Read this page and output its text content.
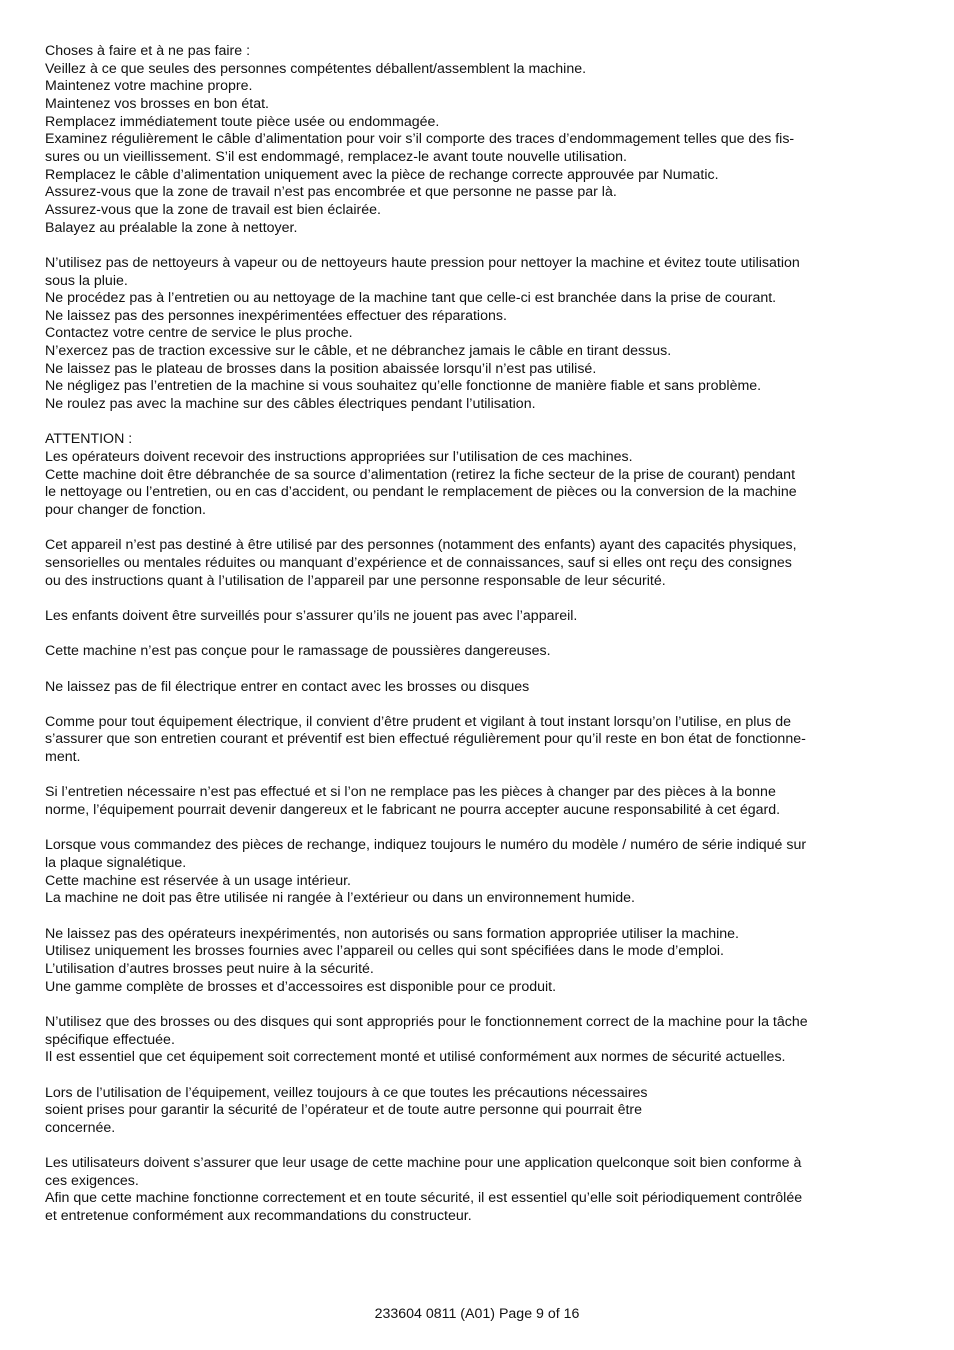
Choses à faire et à ne pas faire :
Veillez à ce que seules des personnes compétentes déballent/assemblent la machine.
Maintenez votre machine propre.
Maintenez vos brosses en bon état.
Remplacez immédiatement toute pièce usée ou endommagée.
Examinez régulièrement le câble d’alimentation pour voir s’il comporte des traces d’endommagement telles que des fis-
sures ou un vieillissement. S’il est endommagé, remplacez-le avant toute nouvelle utilisation.
Remplacez le câble d’alimentation uniquement avec la pièce de rechange correcte approuvée par Numatic.
Assurez-vous que la zone de travail n’est pas encombrée et que personne ne passe par là.
Assurez-vous que la zone de travail est bien éclairée.
Balayez au préalable la zone à nettoyer.
N’utilisez pas de nettoyeurs à vapeur ou de nettoyeurs haute pression pour nettoyer la machine et évitez toute utilisation
sous la pluie.
Ne procédez pas à l’entretien ou au nettoyage de la machine tant que celle-ci est branchée dans la prise de courant.
Ne laissez pas des personnes inexpérimentées effectuer des réparations.
Contactez votre centre de service le plus proche.
N’exercez pas de traction excessive sur le câble, et ne débranchez jamais le câble en tirant dessus.
Ne laissez pas le plateau de brosses dans la position abaissée lorsqu’il n’est pas utilisé.
Ne négligez pas l’entretien de la machine si vous souhaitez qu’elle fonctionne de manière fiable et sans problème.
Ne roulez pas avec la machine sur des câbles électriques pendant l’utilisation.
ATTENTION :
Les opérateurs doivent recevoir des instructions appropriées sur l’utilisation de ces machines.
Cette machine doit être débranchée de sa source d’alimentation (retirez la fiche secteur de la prise de courant) pendant
le nettoyage ou l’entretien, ou en cas d’accident, ou pendant le remplacement de pièces ou la conversion de la machine
pour changer de fonction.
Cet appareil n’est pas destiné à être utilisé par des personnes (notamment des enfants) ayant des capacités physiques,
sensorielles ou mentales réduites ou manquant d’expérience et de connaissances, sauf si elles ont reçu des consignes
ou des instructions quant à l’utilisation de l’appareil par une personne responsable de leur sécurité.
Les enfants doivent être surveillés pour s’assurer qu’ils ne jouent pas avec l’appareil.
Cette machine n’est pas conçue pour le ramassage de poussières dangereuses.
Ne laissez pas de fil électrique entrer en contact avec les brosses ou disques
Comme pour tout équipement électrique, il convient d’être prudent et vigilant à tout instant lorsqu’on l’utilise, en plus de
s’assurer que son entretien courant et préventif est bien effectué régulièrement pour qu’il reste en bon état de fonctionne-
ment.
Si l’entretien nécessaire n’est pas effectué et si l’on ne remplace pas les pièces à changer par des pièces à la bonne
norme, l’équipement pourrait devenir dangereux et le fabricant ne pourra accepter aucune responsabilité à cet égard.
Lorsque vous commandez des pièces de rechange, indiquez toujours le numéro du modèle / numéro de série indiqué sur
la plaque signalétique.
Cette machine est réservée à un usage intérieur.
La machine ne doit pas être utilisée ni rangée à l’extérieur ou dans un environnement humide.
Ne laissez pas des opérateurs inexpérimentés, non autorisés ou sans formation appropriée utiliser la machine.
Utilisez uniquement les brosses fournies avec l’appareil ou celles qui sont spécifiées dans le mode d’emploi.
L’utilisation d’autres brosses peut nuire à la sécurité.
Une gamme complète de brosses et d’accessoires est disponible pour ce produit.
N’utilisez que des brosses ou des disques qui sont appropriés pour le fonctionnement correct de la machine pour la tâche
spécifique effectuée.
Il est essentiel que cet équipement soit correctement monté et utilisé conformément aux normes de sécurité actuelles.
Lors de l’utilisation de l’équipement, veillez toujours à ce que toutes les précautions nécessaires
soient prises pour garantir la sécurité de l’opérateur et de toute autre personne qui pourrait être
concernée.
Les utilisateurs doivent s’assurer que leur usage de cette machine pour une application quelconque soit bien conforme à
ces exigences.
Afin que cette machine fonctionne correctement et en toute sécurité, il est essentiel qu’elle soit périodiquement contrôlée
et entretenue conformément aux recommandations du constructeur.
233604 0811 (A01) Page 9 of 16
